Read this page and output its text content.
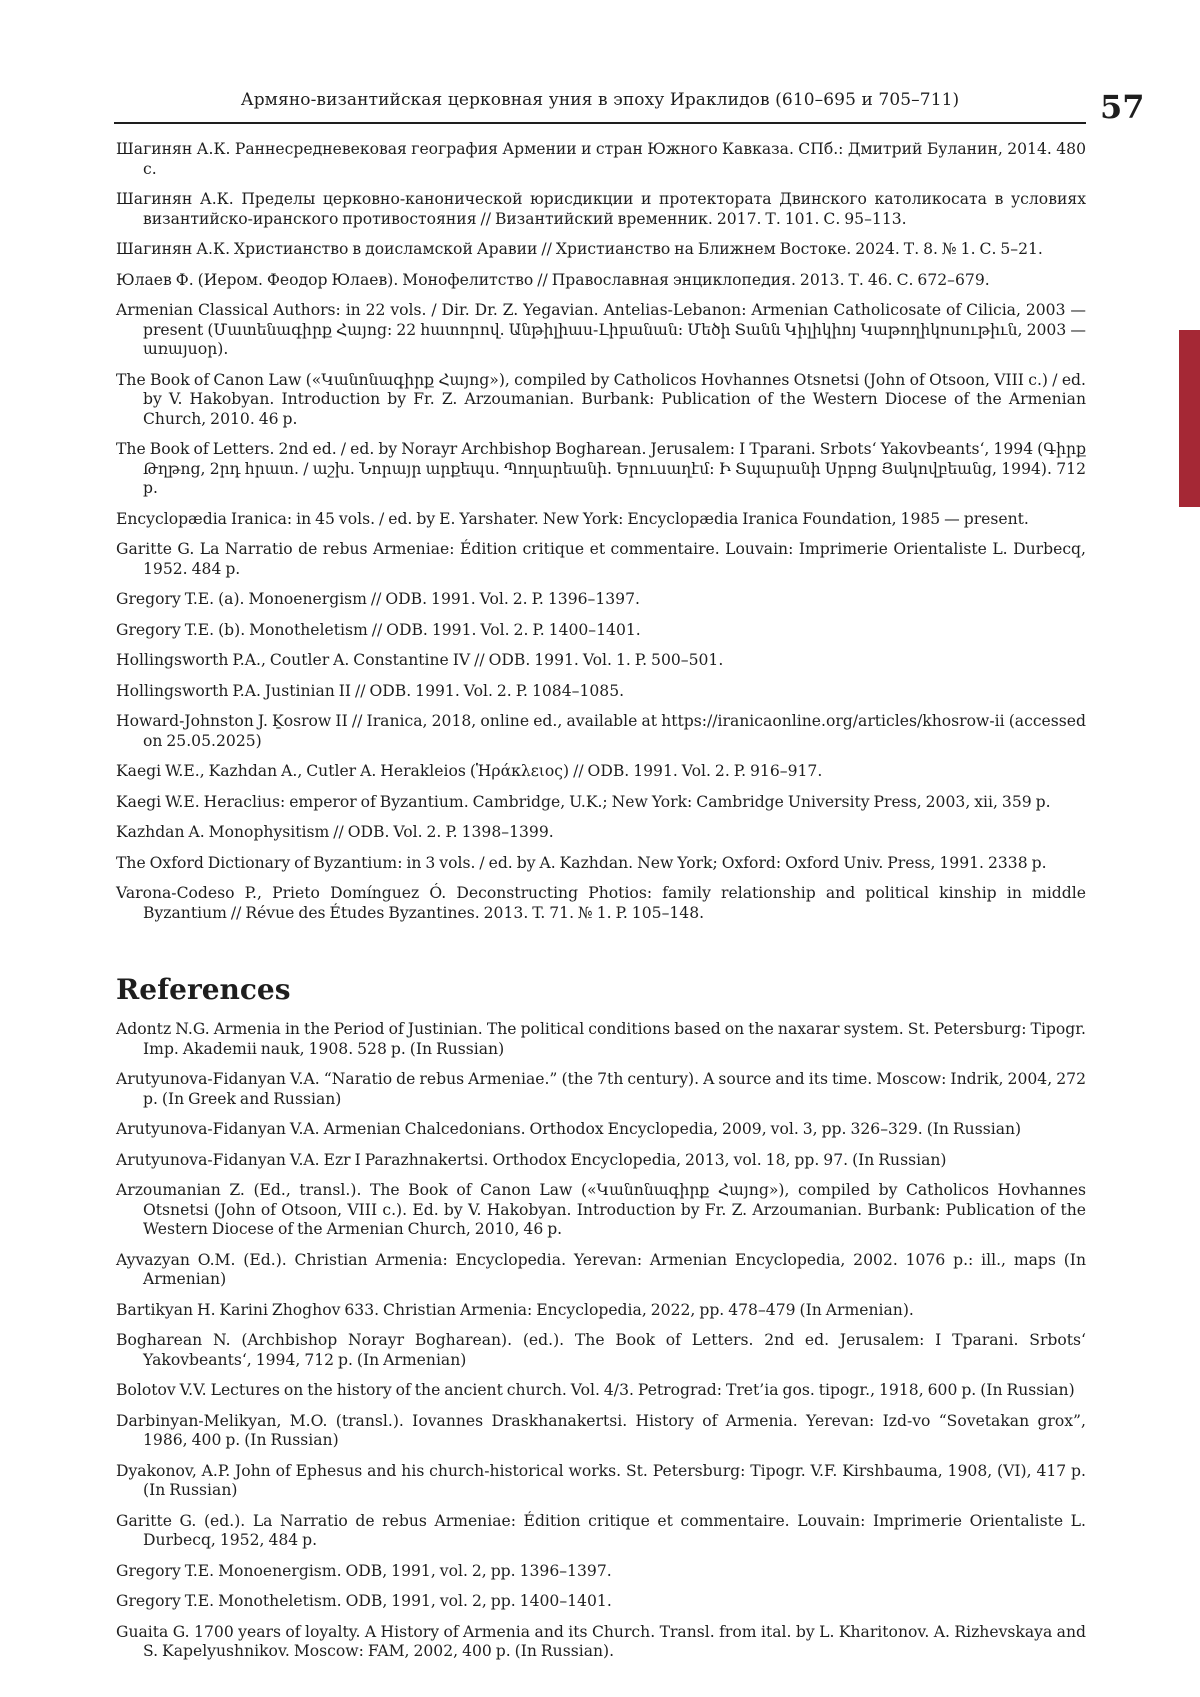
Армяно-византийская церковная уния в эпоху Ираклидов (610–695 и 705–711)	57

Шагинян А.К. Раннесредневековая география Армении и стран Южного Кавказа. СПб.: Дмитрий Буланин, 2014. 480 с.

Шагинян А.К. Пределы церковно-канонической юрисдикции и протектората Двинского католикосата в условиях византийско-иранского противостояния // Византийский временник. 2017. Т. 101. С. 95–113.

Шагинян А.К. Христианство в доисламской Аравии // Христианство на Ближнем Востоке. 2024. Т. 8. № 1. С. 5–21.

Юлаев Ф. (Иером. Феодор Юлаев). Монофелитство // Православная энциклопедия. 2013. Т. 46. С. 672–679.

Armenian Classical Authors: in 22 vols. / Dir. Dr. Z. Yegavian. Antelias-Lebanon: Armenian Catholicosate of Cilicia, 2003 — present (Մատենագիրք Հայոց: 22 հատորով. Անթիլիաս-Լիբանան: Մեծի Տանն Կիլիկիոյ Կաթողիկոսութիւն, 2003 — առայսօր).

The Book of Canon Law («Կանոնագիրք Հայոց»), compiled by Catholicos Hovhannes Otsnetsi (John of Otsoon, VIII c.) / ed. by V. Hakobyan. Introduction by Fr. Z. Arzoumanian. Burbank: Publication of the Western Diocese of the Armenian Church, 2010. 46 p.

The Book of Letters. 2nd ed. / ed. by Norayr Archbishop Bogharean. Jerusalem: I Tparani. Srbots‘ Yakovbeants‘, 1994 (Գիրք Թղթոց, 2րդ հրատ. / աշխ. Նորայր արքեպս. Պողարեանի. Երուսաղէմ: Ի Տպարանի Սրբոց Յակովբեանց, 1994). 712 p.

Encyclopædia Iranica: in 45 vols. / ed. by E. Yarshater. New York: Encyclopædia Iranica Foundation, 1985 — present.

Garitte G. La Narratio de rebus Armeniae: Édition critique et commentaire. Louvain: Imprimerie Orientaliste L. Durbecq, 1952. 484 p.

Gregory T.E. (a). Monoenergism // ODB. 1991. Vol. 2. P. 1396–1397.

Gregory T.E. (b). Monotheletism // ODB. 1991. Vol. 2. P. 1400–1401.

Hollingsworth P.A., Coutler A. Constantine IV // ODB. 1991. Vol. 1. P. 500–501.

Hollingsworth P.A. Justinian II // ODB. 1991. Vol. 2. P. 1084–1085.

Howard-Johnston J. Ḵosrow II // Iranica, 2018, online ed., available at https://iranicaonline.org/articles/khosrow-ii (accessed on 25.05.2025)

Kaegi W.E., Kazhdan A., Cutler A. Herakleios (Ἡράκλειος) // ODB. 1991. Vol. 2. P. 916–917.

Kaegi W.E. Heraclius: emperor of Byzantium. Cambridge, U.K.; New York: Cambridge University Press, 2003, xii, 359 p.

Kazhdan A. Monophysitism // ODB. Vol. 2. P. 1398–1399.

The Oxford Dictionary of Byzantium: in 3 vols. / ed. by A. Kazhdan. New York; Oxford: Oxford Univ. Press, 1991. 2338 p.

Varona-Codeso P., Prieto Domínguez Ó. Deconstructing Photios: family relationship and political kinship in middle Byzantium // Révue des Études Byzantines. 2013. T. 71. № 1. P. 105–148.

References

Adontz N.G. Armenia in the Period of Justinian. The political conditions based on the naxarar system. St. Petersburg: Tipogr. Imp. Akademii nauk, 1908. 528 p. (In Russian)

Arutyunova-Fidanyan V.A. “Naratio de rebus Armeniae.” (the 7th century). A source and its time. Moscow: Indrik, 2004, 272 p. (In Greek and Russian)

Arutyunova-Fidanyan V.A. Armenian Chalcedonians. Orthodox Encyclopedia, 2009, vol. 3, pp. 326–329. (In Russian)

Arutyunova-Fidanyan V.A. Ezr I Parazhnakertsi. Orthodox Encyclopedia, 2013, vol. 18, pp. 97. (In Russian)

Arzoumanian Z. (Ed., transl.). The Book of Canon Law («Կանոնագիրք Հայոց»), compiled by Catholicos Hovhannes Otsnetsi (John of Otsoon, VIII c.). Ed. by V. Hakobyan. Introduction by Fr. Z. Arzoumanian. Burbank: Publication of the Western Diocese of the Armenian Church, 2010, 46 p.

Ayvazyan O.M. (Ed.). Christian Armenia: Encyclopedia. Yerevan: Armenian Encyclopedia, 2002. 1076 p.: ill., maps (In Armenian)

Bartikyan H. Karini Zhoghov 633. Christian Armenia: Encyclopedia, 2022, pp. 478–479 (In Armenian).

Bogharean N. (Archbishop Norayr Bogharean). (ed.). The Book of Letters. 2nd ed. Jerusalem: I Tparani. Srbots‘ Yakovbeants‘, 1994, 712 p. (In Armenian)

Bolotov V.V. Lectures on the history of the ancient church. Vol. 4/3. Petrograd: Tret’ia gos. tipogr., 1918, 600 p. (In Russian)

Darbinyan-Melikyan, M.O. (transl.). Iovannes Draskhanakertsi. History of Armenia. Yerevan: Izd-vo “Sovetakan grox”, 1986, 400 p. (In Russian)

Dyakonov, A.P. John of Ephesus and his church-historical works. St. Petersburg: Tipogr. V.F. Kirshbauma, 1908, (VI), 417 p. (In Russian)

Garitte G. (ed.). La Narratio de rebus Armeniae: Édition critique et commentaire. Louvain: Imprimerie Orientaliste L. Durbecq, 1952, 484 p.

Gregory T.E. Monoenergism. ODB, 1991, vol. 2, pp. 1396–1397.

Gregory T.E. Monotheletism. ODB, 1991, vol. 2, pp. 1400–1401.

Guaita G. 1700 years of loyalty. A History of Armenia and its Church. Transl. from ital. by L. Kharitonov. A. Rizhevskaya and S. Kapelyushnikov. Moscow: FAM, 2002, 400 p. (In Russian).
